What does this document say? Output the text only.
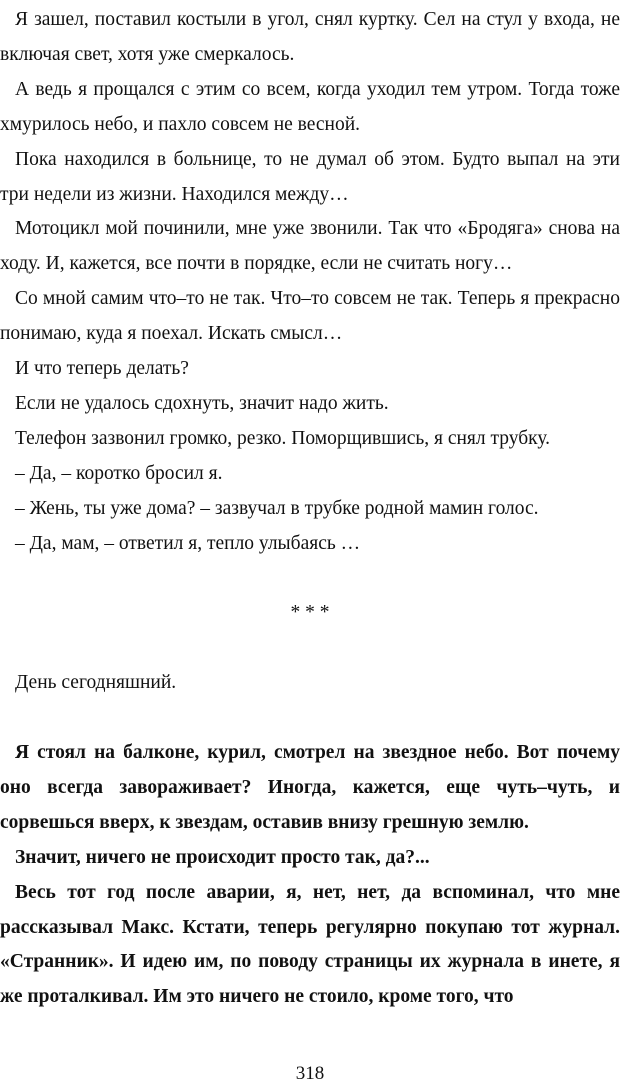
Я зашел, поставил костыли в угол, снял куртку. Сел на стул у входа, не включая свет, хотя уже смеркалось.

А ведь я прощался с этим со всем, когда уходил тем утром. Тогда тоже хмурилось небо, и пахло совсем не весной.

Пока находился в больнице, то не думал об этом. Будто выпал на эти три недели из жизни. Находился между…

Мотоцикл мой починили, мне уже звонили. Так что «Бродяга» снова на ходу. И, кажется, все почти в порядке, если не считать ногу…

Со мной самим что–то не так. Что–то совсем не так. Теперь я прекрасно понимаю, куда я поехал. Искать смысл…

И что теперь делать?

Если не удалось сдохнуть, значит надо жить.

Телефон зазвонил громко, резко. Поморщившись, я снял трубку.

– Да, – коротко бросил я.

– Жень, ты уже дома? – зазвучал в трубке родной мамин голос.

– Да, мам, – ответил я, тепло улыбаясь …

* * *

День сегодняшний.

Я стоял на балконе, курил, смотрел на звездное небо. Вот почему оно всегда завораживает? Иногда, кажется, еще чуть–чуть, и сорвешься вверх, к звездам, оставив внизу грешную землю.

Значит, ничего не происходит просто так, да?...

Весь тот год после аварии, я, нет, нет, да вспоминал, что мне рассказывал Макс. Кстати, теперь регулярно покупаю тот журнал. «Странник». И идею им, по поводу страницы их журнала в инете, я же проталкивал. Им это ничего не стоило, кроме того, что

318
